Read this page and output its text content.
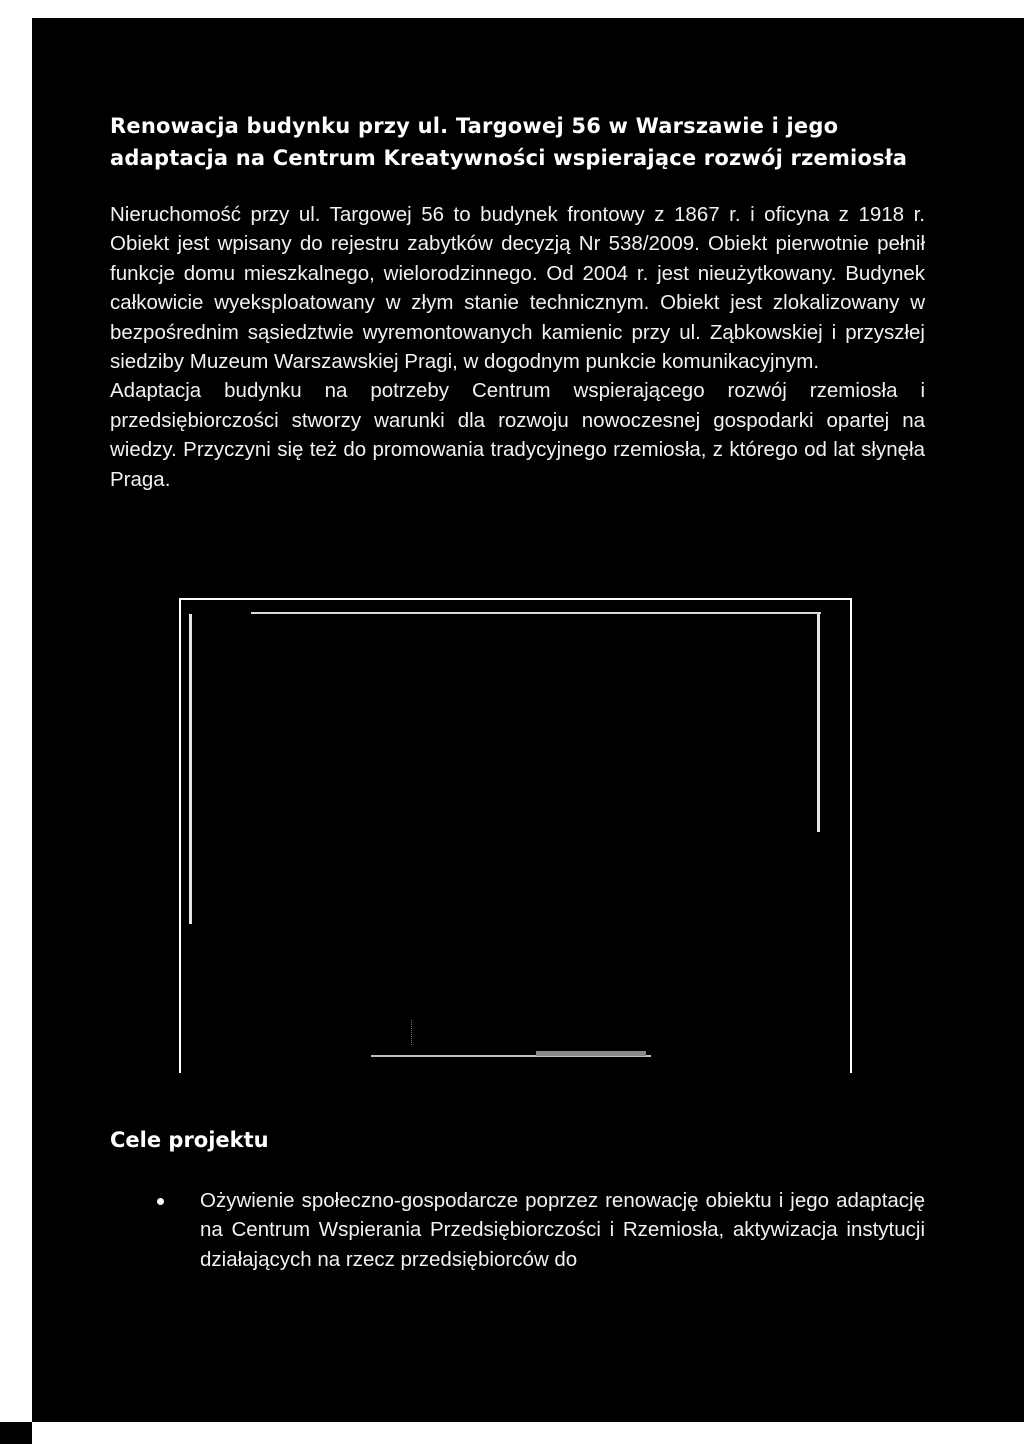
Renowacja budynku przy ul. Targowej 56 w Warszawie i jego adaptacja na Centrum Kreatywności wspierające rozwój rzemiosła

Nieruchomość przy ul. Targowej 56 to budynek frontowy z 1867 r. i oficyna z 1918 r. Obiekt jest wpisany do rejestru zabytków decyzją Nr 538/2009. Obiekt pierwotnie pełnił funkcje domu mieszkalnego, wielorodzinnego. Od 2004 r. jest nieużytkowany. Budynek całkowicie wyeksploatowany w złym stanie technicznym. Obiekt jest zlokalizowany w bezpośrednim sąsiedztwie wyremontowanych kamienic przy ul. Ząbkowskiej i przyszłej siedziby Muzeum Warszawskiej Pragi, w dogodnym punkcie komunikacyjnym.

Adaptacja budynku na potrzeby Centrum wspierającego rozwój rzemiosła i przedsiębiorczości stworzy warunki dla rozwoju nowoczesnej gospodarki opartej na wiedzy. Przyczyni się też do promowania tradycyjnego rzemiosła, z którego od lat słynęła Praga.

Cele projektu
Ożywienie społeczno-gospodarcze poprzez renowację obiektu i jego adaptację na Centrum Wspierania Przedsiębiorczości i Rzemiosła, aktywizacja instytucji działających na rzecz przedsiębiorców do
